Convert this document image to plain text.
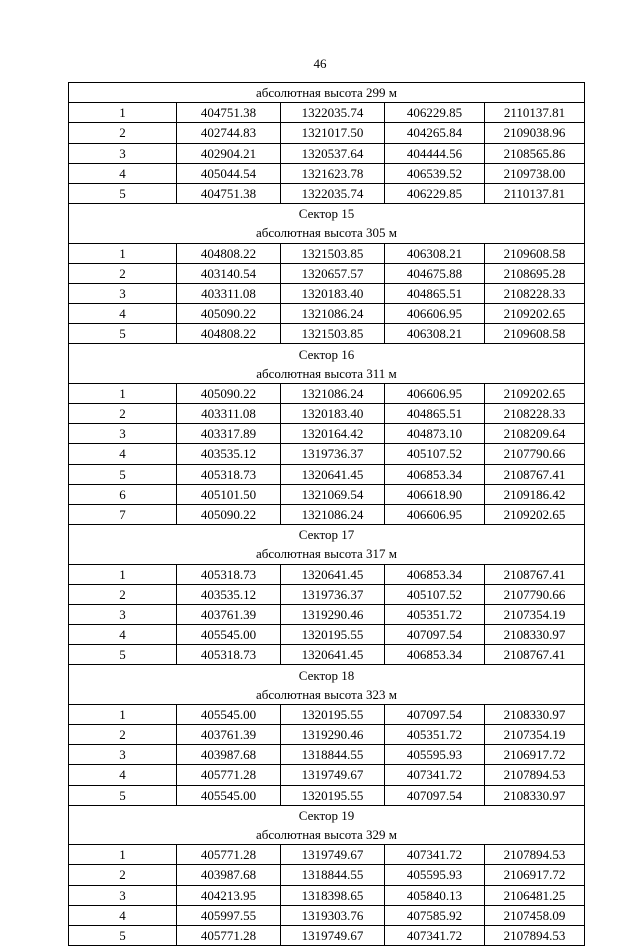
46
абсолютная высота 299 м				
1	404751.38	1322035.74	406229.85	2110137.81
2	402744.83	1321017.50	404265.84	2109038.96
3	402904.21	1320537.64	404444.56	2108565.86
4	405044.54	1321623.78	406539.52	2109738.00
5	404751.38	1322035.74	406229.85	2110137.81
Сектор 15				
абсолютная высота 305 м				
1	404808.22	1321503.85	406308.21	2109608.58
2	403140.54	1320657.57	404675.88	2108695.28
3	403311.08	1320183.40	404865.51	2108228.33
4	405090.22	1321086.24	406606.95	2109202.65
5	404808.22	1321503.85	406308.21	2109608.58
Сектор 16				
абсолютная высота 311 м				
1	405090.22	1321086.24	406606.95	2109202.65
2	403311.08	1320183.40	404865.51	2108228.33
3	403317.89	1320164.42	404873.10	2108209.64
4	403535.12	1319736.37	405107.52	2107790.66
5	405318.73	1320641.45	406853.34	2108767.41
6	405101.50	1321069.54	406618.90	2109186.42
7	405090.22	1321086.24	406606.95	2109202.65
Сектор 17				
абсолютная высота 317 м				
1	405318.73	1320641.45	406853.34	2108767.41
2	403535.12	1319736.37	405107.52	2107790.66
3	403761.39	1319290.46	405351.72	2107354.19
4	405545.00	1320195.55	407097.54	2108330.97
5	405318.73	1320641.45	406853.34	2108767.41
Сектор 18				
абсолютная высота 323 м				
1	405545.00	1320195.55	407097.54	2108330.97
2	403761.39	1319290.46	405351.72	2107354.19
3	403987.68	1318844.55	405595.93	2106917.72
4	405771.28	1319749.67	407341.72	2107894.53
5	405545.00	1320195.55	407097.54	2108330.97
Сектор 19				
абсолютная высота 329 м				
1	405771.28	1319749.67	407341.72	2107894.53
2	403987.68	1318844.55	405595.93	2106917.72
3	404213.95	1318398.65	405840.13	2106481.25
4	405997.55	1319303.76	407585.92	2107458.09
5	405771.28	1319749.67	407341.72	2107894.53
